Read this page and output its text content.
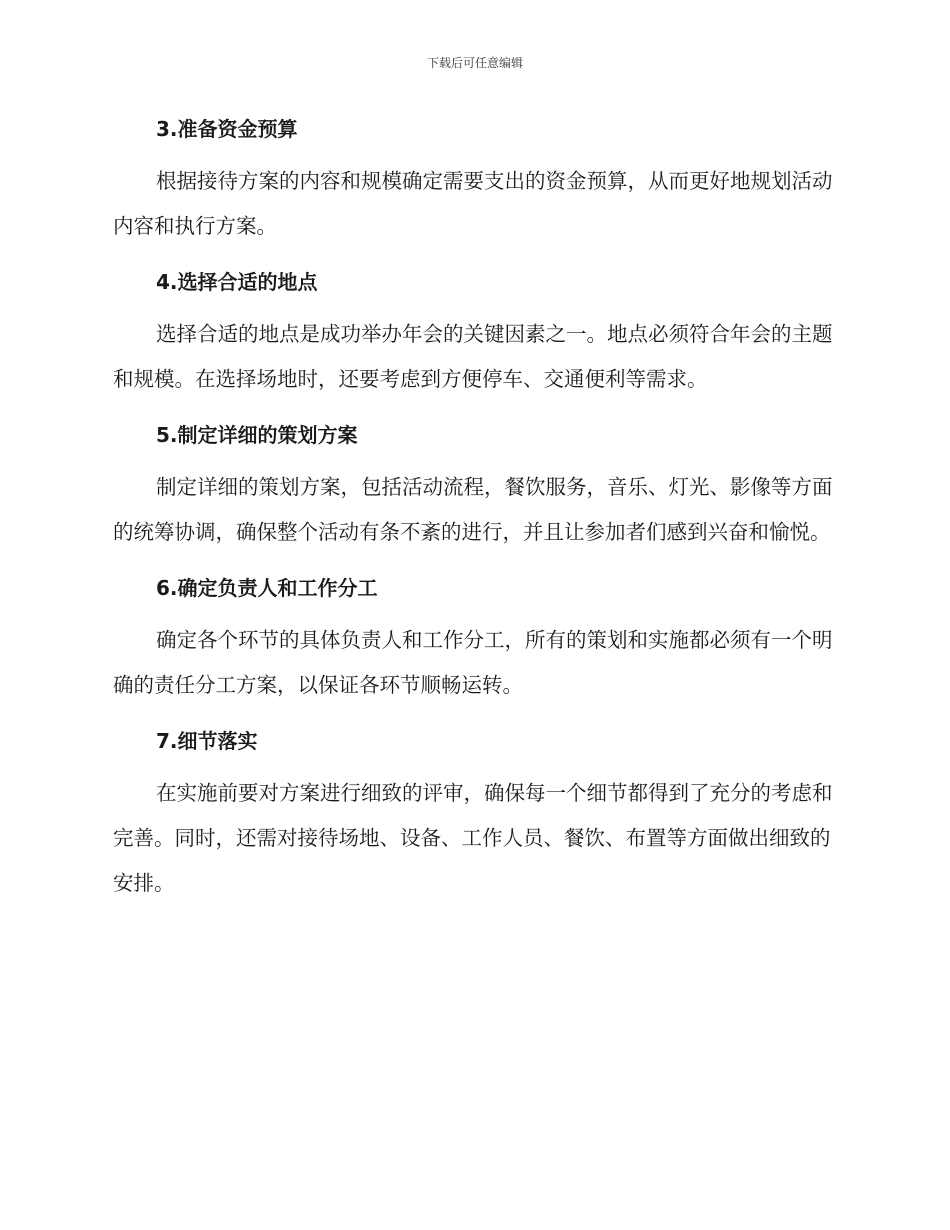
下载后可任意编辑
3.准备资金预算

根据接待方案的内容和规模确定需要支出的资金预算，从而更好地规划活动内容和执行方案。

4.选择合适的地点

选择合适的地点是成功举办年会的关键因素之一。地点必须符合年会的主题和规模。在选择场地时，还要考虑到方便停车、交通便利等需求。

5.制定详细的策划方案

制定详细的策划方案，包括活动流程，餐饮服务，音乐、灯光、影像等方面的统筹协调，确保整个活动有条不紊的进行，并且让参加者们感到兴奋和愉悦。

6.确定负责人和工作分工

确定各个环节的具体负责人和工作分工，所有的策划和实施都必须有一个明确的责任分工方案，以保证各环节顺畅运转。

7.细节落实

在实施前要对方案进行细致的评审，确保每一个细节都得到了充分的考虑和完善。同时，还需对接待场地、设备、工作人员、餐饮、布置等方面做出细致的安排。
